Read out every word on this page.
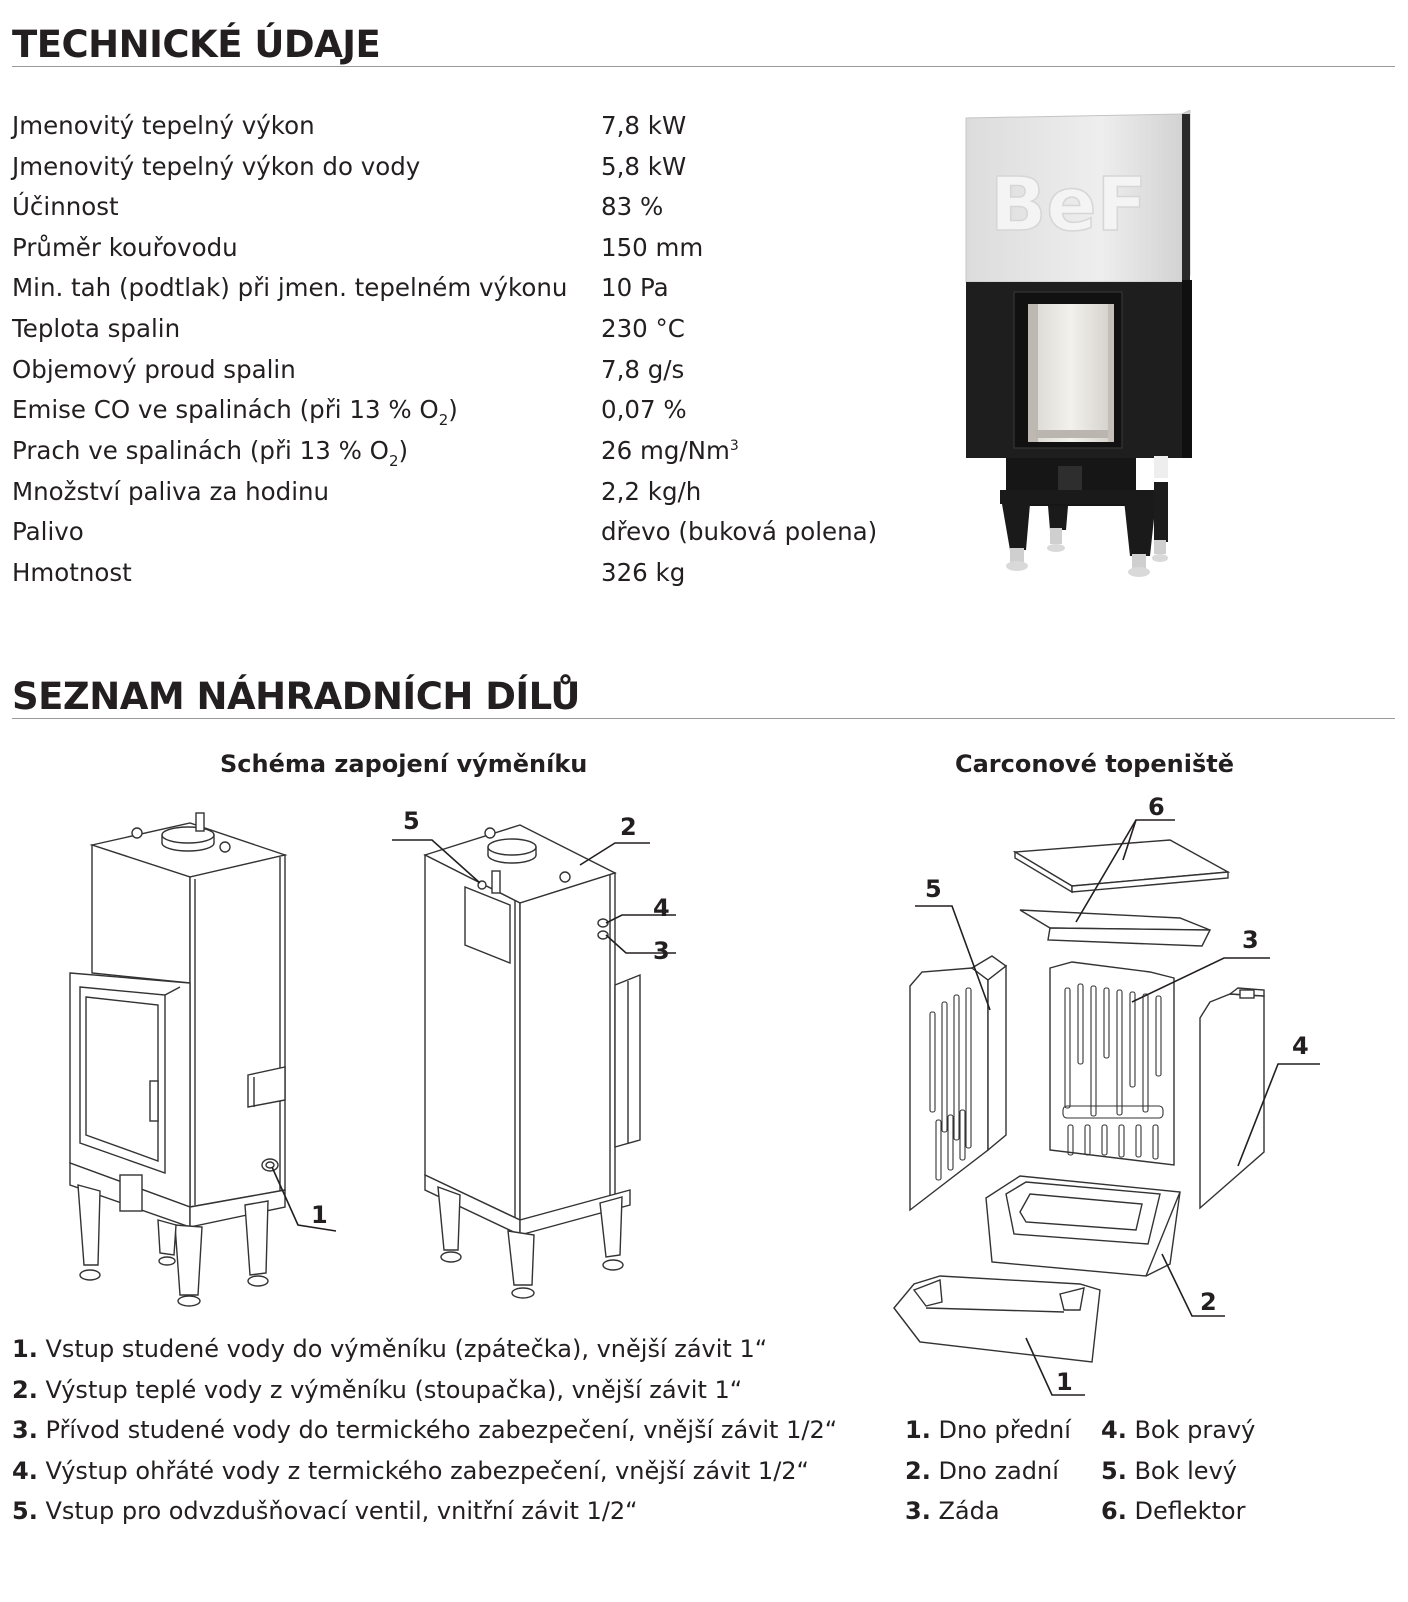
TECHNICKÉ ÚDAJE
Jmenovitý tepelný výkon	7,8 kW
Jmenovitý tepelný výkon do vody	5,8 kW
Účinnost	83 %
Průměr kouřovodu	150 mm
Min. tah (podtlak) při jmen. tepelném výkonu 10 Pa
Teplota spalin	230 °C
Objemový proud spalin	7,8 g/s
Emise CO ve spalinách (při 13 % $O_2$)	0,07 %
Prach ve spalinách (při 13 % $O_2$)	26 mg/Nm$^3$
Množství paliva za hodinu	2,2 kg/h
Palivo	dřevo (buková polena)
Hmotnost	326 kg
BeF
SEZNAM NÁHRADNÍCH DÍLŮ
Schéma zapojení výměníku	Carconové topeniště
1
2
3
4
5
1
2
3
4
5
6
1. Vstup studené vody do výměníku (zpátečka), vnější závit 1“
2. Výstup teplé vody z výměníku (stoupačka), vnější závit 1“
3. Přívod studené vody do termického zabezpečení, vnější závit 1/2“
4. Výstup ohřáté vody z termického zabezpečení, vnější závit 1/2“
5. Vstup pro odvzdušňovací ventil, vnitřní závit 1/2“
1. Dno přední
2. Dno zadní
3. Záda
4. Bok pravý
5. Bok levý
6. Deflektor
